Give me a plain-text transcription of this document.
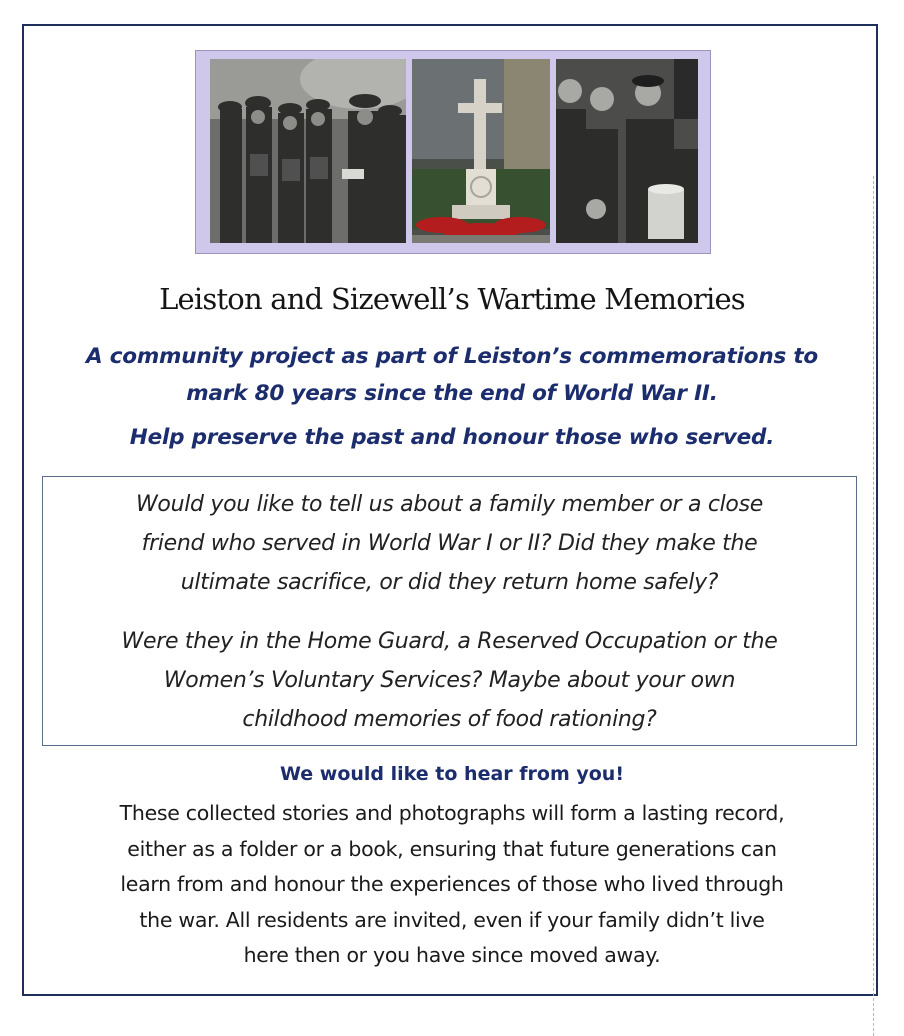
Leiston and Sizewell’s Wartime Memories
A community project as part of Leiston’s commemorations to
mark 80 years since the end of World War II.

Help preserve the past and honour those who served.

Would you like to tell us about a family member or a close
friend who served in World War I or II? Did they make the
ultimate sacrifice, or did they return home safely?
Were they in the Home Guard, a Reserved Occupation or the
Women’s Voluntary Services? Maybe about your own
childhood memories of food rationing?

We would like to hear from you!

These collected stories and photographs will form a lasting record,
either as a folder or a book, ensuring that future generations can
learn from and honour the experiences of those who lived through
the war. All residents are invited, even if your family didn’t live
here then or you have since moved away.
